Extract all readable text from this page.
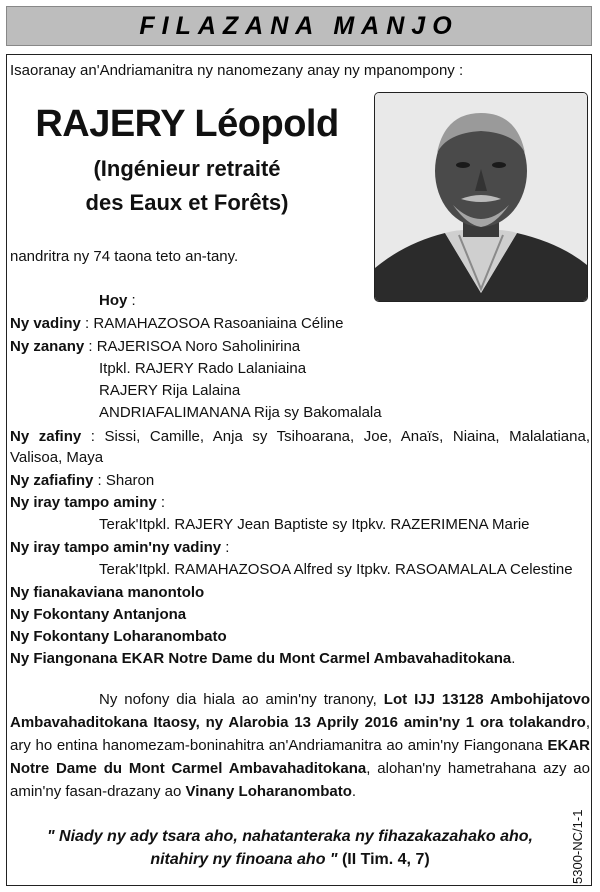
FILAZANA MANJO
Isaoranay an'Andriamanitra ny nanomezany anay ny mpanompony :
RAJERY Léopold
(Ingénieur retraité
des Eaux et Forêts)
nandritra ny 74 taona teto an-tany.
Hoy :
Ny vadiny : RAMAHAZOSOA Rasoaniaina Céline
Ny zanany : RAJERISOA Noro Saholinirina
Itpkl. RAJERY Rado Lalaniaina
RAJERY Rija Lalaina
ANDRIAFALIMANANA Rija sy Bakomalala
Ny zafiny : Sissi, Camille, Anja sy Tsihoarana, Joe, Anaïs, Niaina, Malalatiana,
Valisoa, Maya
Ny zafiafiny : Sharon
Ny iray tampo aminy :
Terak'Itpkl. RAJERY Jean Baptiste sy Itpkv. RAZERIMENA Marie
Ny iray tampo amin'ny vadiny :
Terak'Itpkl. RAMAHAZOSOA Alfred sy Itpkv. RASOAMALALA Celestine
Ny fianakaviana manontolo
Ny Fokontany Antanjona
Ny Fokontany Loharanombato
Ny Fiangonana EKAR Notre Dame du Mont Carmel Ambavahaditokana.
Ny nofony dia hiala ao amin'ny tranony, Lot IJJ 13128 Ambohijatovo
Ambavahaditokana Itaosy, ny Alarobia 13 Aprily 2016 amin'ny 1 ora tolakandro,
ary ho entina hanomezam-boninahitra an'Andriamanitra ao amin'ny Fiangonana EKAR
Notre Dame du Mont Carmel Ambavahaditokana, alohan'ny hametrahana azy ao
amin'ny fasan-drazany ao Vinany Loharanombato.
" Niady ny ady tsara aho, nahatanteraka ny fihazakazahako aho,
nitahiry ny finoana aho " (II Tim. 4, 7)	5300-NC/1-1
